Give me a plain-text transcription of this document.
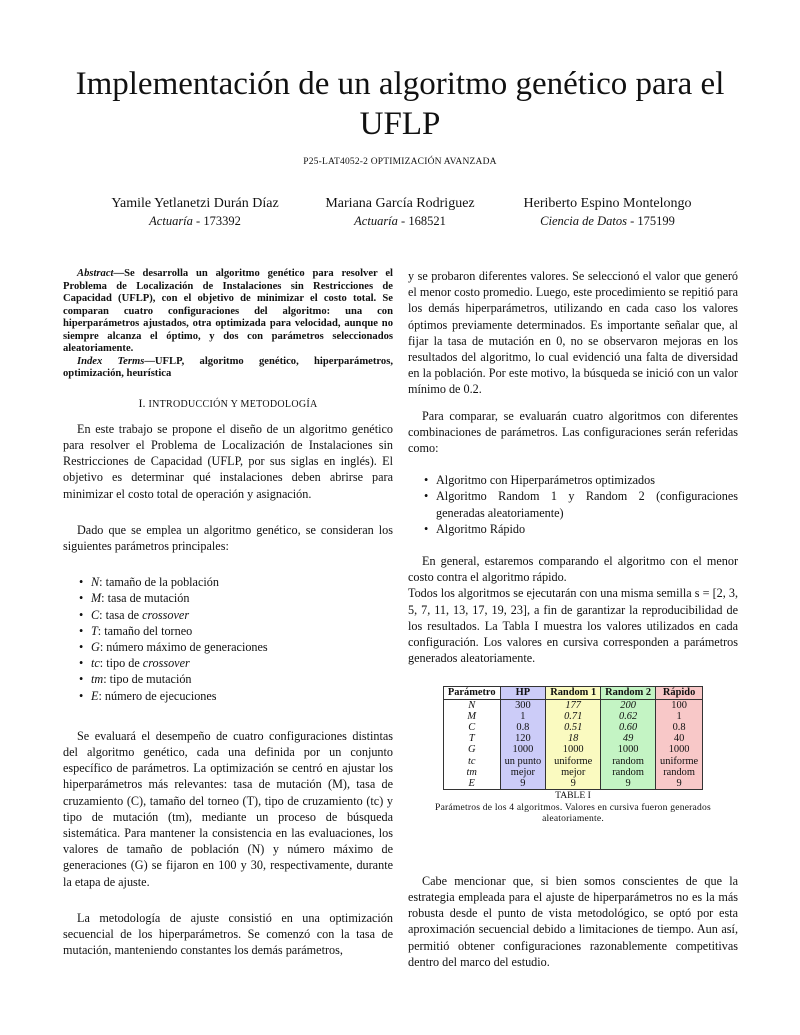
Implementación de un algoritmo genético para el UFLP
P25-LAT4052-2 OPTIMIZACIÓN AVANZADA
Yamile Yetlanetzi Durán Díaz
Actuaría - 173392
Mariana García Rodriguez
Actuaría - 168521
Heriberto Espino Montelongo
Ciencia de Datos - 175199

Abstract—Se desarrolla un algoritmo genético para resolver el Problema de Localización de Instalaciones sin Restricciones de Capacidad (UFLP), con el objetivo de minimizar el costo total. Se comparan cuatro configuraciones del algoritmo: una con hiperparámetros ajustados, otra optimizada para velocidad, aunque no siempre alcanza el óptimo, y dos con parámetros seleccionados aleatoriamente.

Index Terms—UFLP, algoritmo genético, hiperparámetros, optimización, heurística

I. INTRODUCCIÓN Y METODOLOGÍA

En este trabajo se propone el diseño de un algoritmo genético para resolver el Problema de Localización de Instalaciones sin Restricciones de Capacidad (UFLP, por sus siglas en inglés). El objetivo es determinar qué instalaciones deben abrirse para minimizar el costo total de operación y asignación.

Dado que se emplea un algoritmo genético, se consideran los siguientes parámetros principales:

• N: tamaño de la población
• M: tasa de mutación
• C: tasa de crossover
• T: tamaño del torneo
• G: número máximo de generaciones
• tc: tipo de crossover
• tm: tipo de mutación
• E: número de ejecuciones

Se evaluará el desempeño de cuatro configuraciones distintas del algoritmo genético, cada una definida por un conjunto específico de parámetros. La optimización se centró en ajustar los hiperparámetros más relevantes: tasa de mutación (M), tasa de cruzamiento (C), tamaño del torneo (T), tipo de cruzamiento (tc) y tipo de mutación (tm), mediante un proceso de búsqueda sistemática. Para mantener la consistencia en las evaluaciones, los valores de tamaño de población (N) y número máximo de generaciones (G) se fijaron en 100 y 30, respectivamente, durante la etapa de ajuste.

La metodología de ajuste consistió en una optimización secuencial de los hiperparámetros. Se comenzó con la tasa de mutación, manteniendo constantes los demás parámetros,

y se probaron diferentes valores. Se seleccionó el valor que generó el menor costo promedio. Luego, este procedimiento se repitió para los demás hiperparámetros, utilizando en cada caso los valores óptimos previamente determinados. Es importante señalar que, al fijar la tasa de mutación en 0, no se observaron mejoras en los resultados del algoritmo, lo cual evidenció una falta de diversidad en la población. Por este motivo, la búsqueda se inició con un valor mínimo de 0.2.

Para comparar, se evaluarán cuatro algoritmos con diferentes combinaciones de parámetros. Las configuraciones serán referidas como:

• Algoritmo con Hiperparámetros optimizados
• Algoritmo Random 1 y Random 2 (configuraciones generadas aleatoriamente)
• Algoritmo Rápido

En general, estaremos comparando el algoritmo con el menor costo contra el algoritmo rápido.

Todos los algoritmos se ejecutarán con una misma semilla s = [2, 3, 5, 7, 11, 13, 17, 19, 23], a fin de garantizar la reproducibilidad de los resultados. La Tabla I muestra los valores utilizados en cada configuración. Los valores en cursiva corresponden a parámetros generados aleatoriamente.

Parámetro	HP	Random 1	Random 2	Rápido
N	300	177	200	100
M	1	0.71	0.62	1
C	0.8	0.51	0.60	0.8
T	120	18	49	40
G	1000	1000	1000	1000
tc	un punto	uniforme	random	uniforme
tm	mejor	mejor	random	random
E	9	9	9	9
TABLE I
Parámetros de los 4 algoritmos. Valores en cursiva fueron generados aleatoriamente.

Cabe mencionar que, si bien somos conscientes de que la estrategia empleada para el ajuste de hiperparámetros no es la más robusta desde el punto de vista metodológico, se optó por esta aproximación secuencial debido a limitaciones de tiempo. Aun así, permitió obtener configuraciones razonablemente competitivas dentro del marco del estudio.
